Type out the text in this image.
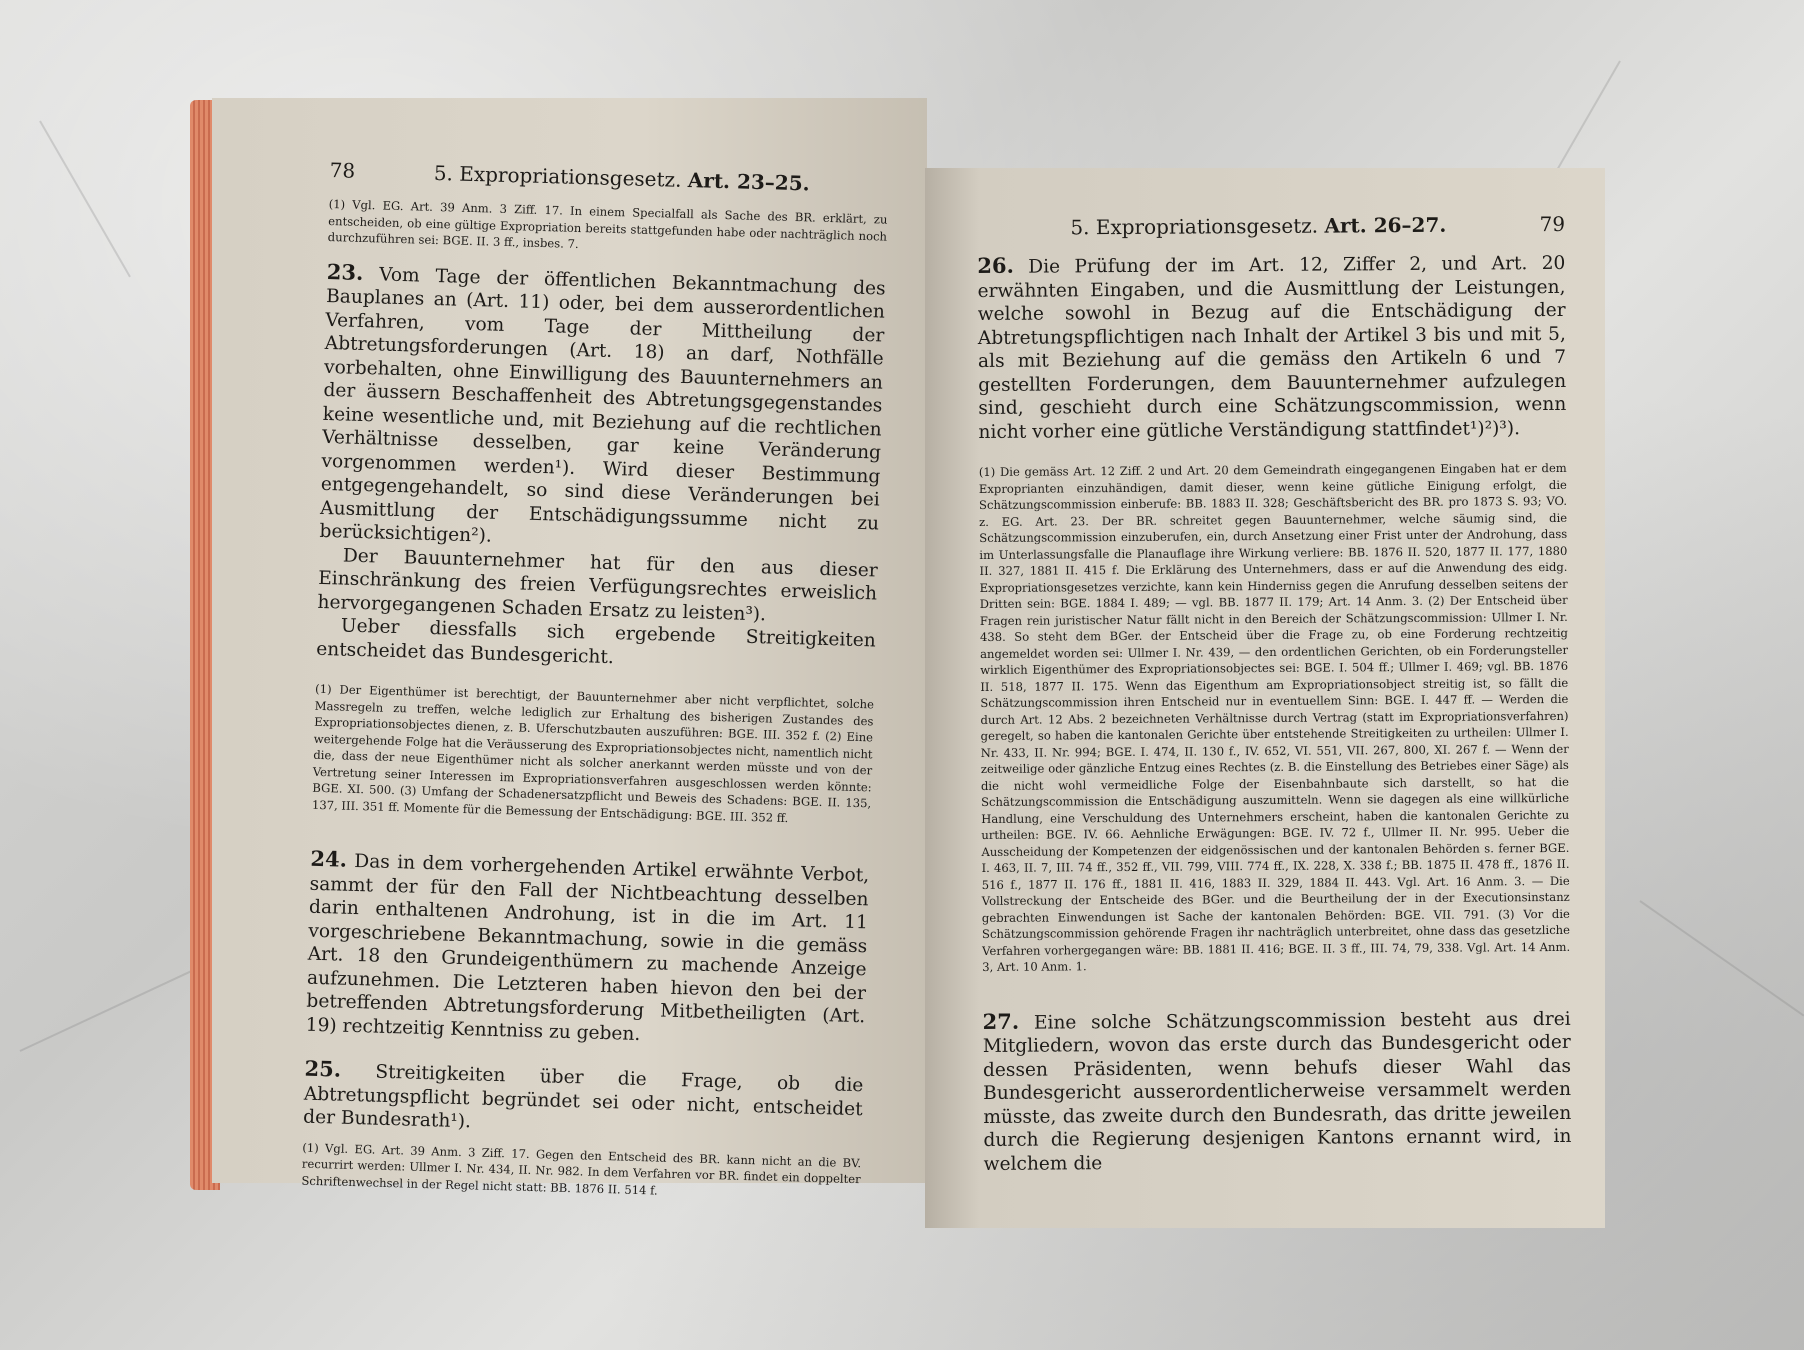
78	5. Expropriationsgesetz. Art. 23–25.
(1) Vgl. EG. Art. 39 Anm. 3 Ziff. 17. In einem Specialfall als Sache des BR. erklärt, zu entscheiden, ob eine gültige Expropriation bereits stattgefunden habe oder nachträglich noch durchzuführen sei: BGE. II. 3 ff., insbes. 7.

23. Vom Tage der öffentlichen Bekanntmachung des Bauplanes an (Art. 11) oder, bei dem ausserordentlichen Verfahren, vom Tage der Mittheilung der Abtretungsforderungen (Art. 18) an darf, Nothfälle vorbehalten, ohne Einwilligung des Bauunternehmers an der äussern Beschaffenheit des Abtretungsgegenstandes keine wesentliche und, mit Beziehung auf die rechtlichen Verhältnisse desselben, gar keine Veränderung vorgenommen werden¹). Wird dieser Bestimmung entgegengehandelt, so sind diese Veränderungen bei Ausmittlung der Entschädigungssumme nicht zu berücksichtigen²).

Der Bauunternehmer hat für den aus dieser Einschränkung des freien Verfügungsrechtes erweislich hervorgegangenen Schaden Ersatz zu leisten³).

Ueber diessfalls sich ergebende Streitigkeiten entscheidet das Bundesgericht.

(1) Der Eigenthümer ist berechtigt, der Bauunternehmer aber nicht verpflichtet, solche Massregeln zu treffen, welche lediglich zur Erhaltung des bisherigen Zustandes des Expropriationsobjectes dienen, z. B. Uferschutzbauten auszuführen: BGE. III. 352 f. (2) Eine weitergehende Folge hat die Veräusserung des Expropriationsobjectes nicht, namentlich nicht die, dass der neue Eigenthümer nicht als solcher anerkannt werden müsste und von der Vertretung seiner Interessen im Expropriationsverfahren ausgeschlossen werden könnte: BGE. XI. 500. (3) Umfang der Schadenersatzpflicht und Beweis des Schadens: BGE. II. 135, 137, III. 351 ff. Momente für die Bemessung der Entschädigung: BGE. III. 352 ff.

24. Das in dem vorhergehenden Artikel erwähnte Verbot, sammt der für den Fall der Nichtbeachtung desselben darin enthaltenen Androhung, ist in die im Art. 11 vorgeschriebene Bekanntmachung, sowie in die gemäss Art. 18 den Grundeigenthümern zu machende Anzeige aufzunehmen. Die Letzteren haben hievon den bei der betreffenden Abtretungsforderung Mitbetheiligten (Art. 19) rechtzeitig Kenntniss zu geben.

25. Streitigkeiten über die Frage, ob die Abtretungspflicht begründet sei oder nicht, entscheidet der Bundesrath¹).

(1) Vgl. EG. Art. 39 Anm. 3 Ziff. 17. Gegen den Entscheid des BR. kann nicht an die BV. recurrirt werden: Ullmer I. Nr. 434, II. Nr. 982. In dem Verfahren vor BR. findet ein doppelter Schriftenwechsel in der Regel nicht statt: BB. 1876 II. 514 f.
5. Expropriationsgesetz. Art. 26–27.	79

26. Die Prüfung der im Art. 12, Ziffer 2, und Art. 20 erwähnten Eingaben, und die Ausmittlung der Leistungen, welche sowohl in Bezug auf die Entschädigung der Abtretungspflichtigen nach Inhalt der Artikel 3 bis und mit 5, als mit Beziehung auf die gemäss den Artikeln 6 und 7 gestellten Forderungen, dem Bauunternehmer aufzulegen sind, geschieht durch eine Schätzungscommission, wenn nicht vorher eine gütliche Verständigung stattfindet¹)²)³).

(1) Die gemäss Art. 12 Ziff. 2 und Art. 20 dem Gemeindrath eingegangenen Eingaben hat er dem Exproprianten einzuhändigen, damit dieser, wenn keine gütliche Einigung erfolgt, die Schätzungscommission einberufe: BB. 1883 II. 328; Geschäftsbericht des BR. pro 1873 S. 93; VO. z. EG. Art. 23. Der BR. schreitet gegen Bauunternehmer, welche säumig sind, die Schätzungscommission einzuberufen, ein, durch Ansetzung einer Frist unter der Androhung, dass im Unterlassungsfalle die Planauflage ihre Wirkung verliere: BB. 1876 II. 520, 1877 II. 177, 1880 II. 327, 1881 II. 415 f. Die Erklärung des Unternehmers, dass er auf die Anwendung des eidg. Expropriationsgesetzes verzichte, kann kein Hinderniss gegen die Anrufung desselben seitens der Dritten sein: BGE. 1884 I. 489; — vgl. BB. 1877 II. 179; Art. 14 Anm. 3. (2) Der Entscheid über Fragen rein juristischer Natur fällt nicht in den Bereich der Schätzungscommission: Ullmer I. Nr. 438. So steht dem BGer. der Entscheid über die Frage zu, ob eine Forderung rechtzeitig angemeldet worden sei: Ullmer I. Nr. 439, — den ordentlichen Gerichten, ob ein Forderungsteller wirklich Eigenthümer des Expropriationsobjectes sei: BGE. I. 504 ff.; Ullmer I. 469; vgl. BB. 1876 II. 518, 1877 II. 175. Wenn das Eigenthum am Expropriationsobject streitig ist, so fällt die Schätzungscommission ihren Entscheid nur in eventuellem Sinn: BGE. I. 447 ff. — Werden die durch Art. 12 Abs. 2 bezeichneten Verhältnisse durch Vertrag (statt im Expropriationsverfahren) geregelt, so haben die kantonalen Gerichte über entstehende Streitigkeiten zu urtheilen: Ullmer I. Nr. 433, II. Nr. 994; BGE. I. 474, II. 130 f., IV. 652, VI. 551, VII. 267, 800, XI. 267 f. — Wenn der zeitweilige oder gänzliche Entzug eines Rechtes (z. B. die Einstellung des Betriebes einer Säge) als die nicht wohl vermeidliche Folge der Eisenbahnbaute sich darstellt, so hat die Schätzungscommission die Entschädigung auszumitteln. Wenn sie dagegen als eine willkürliche Handlung, eine Verschuldung des Unternehmers erscheint, haben die kantonalen Gerichte zu urtheilen: BGE. IV. 66. Aehnliche Erwägungen: BGE. IV. 72 f., Ullmer II. Nr. 995. Ueber die Ausscheidung der Kompetenzen der eidgenössischen und der kantonalen Behörden s. ferner BGE. I. 463, II. 7, III. 74 ff., 352 ff., VII. 799, VIII. 774 ff., IX. 228, X. 338 f.; BB. 1875 II. 478 ff., 1876 II. 516 f., 1877 II. 176 ff., 1881 II. 416, 1883 II. 329, 1884 II. 443. Vgl. Art. 16 Anm. 3. — Die Vollstreckung der Entscheide des BGer. und die Beurtheilung der in der Executionsinstanz gebrachten Einwendungen ist Sache der kantonalen Behörden: BGE. VII. 791. (3) Vor die Schätzungscommission gehörende Fragen ihr nachträglich unterbreitet, ohne dass das gesetzliche Verfahren vorhergegangen wäre: BB. 1881 II. 416; BGE. II. 3 ff., III. 74, 79, 338. Vgl. Art. 14 Anm. 3, Art. 10 Anm. 1.

27. Eine solche Schätzungscommission besteht aus drei Mitgliedern, wovon das erste durch das Bundesgericht oder dessen Präsidenten, wenn behufs dieser Wahl das Bundesgericht ausserordentlicherweise versammelt werden müsste, das zweite durch den Bundesrath, das dritte jeweilen durch die Regierung desjenigen Kantons ernannt wird, in welchem die
